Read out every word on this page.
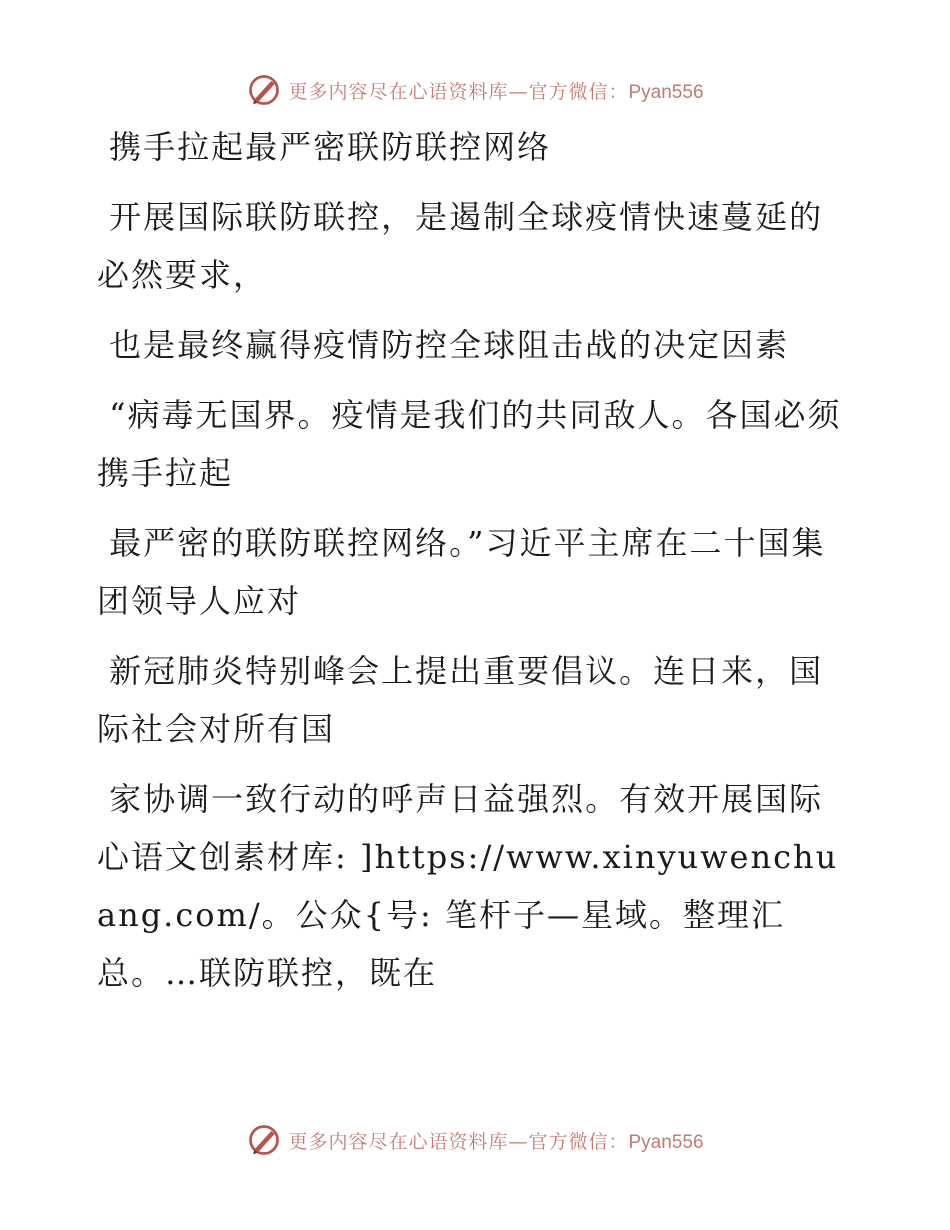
更多内容尽在心语资料库—官方微信：Pyan556

携手拉起最严密联防联控网络

开展国际联防联控，是遏制全球疫情快速蔓延的必然要求，

也是最终赢得疫情防控全球阻击战的决定因素

“病毒无国界。疫情是我们的共同敌人。各国必须携手拉起

最严密的联防联控网络。”习近平主席在二十国集团领导人应对

新冠肺炎特别峰会上提出重要倡议。连日来，国际社会对所有国

家协调一致行动的呼声日益强烈。有效开展国际心语文创素材库: ]https://www.xinyuwenchuang.com/。公众{号: 笔杆子—星域。整理汇总。…联防联控，既在

更多内容尽在心语资料库—官方微信：Pyan556
